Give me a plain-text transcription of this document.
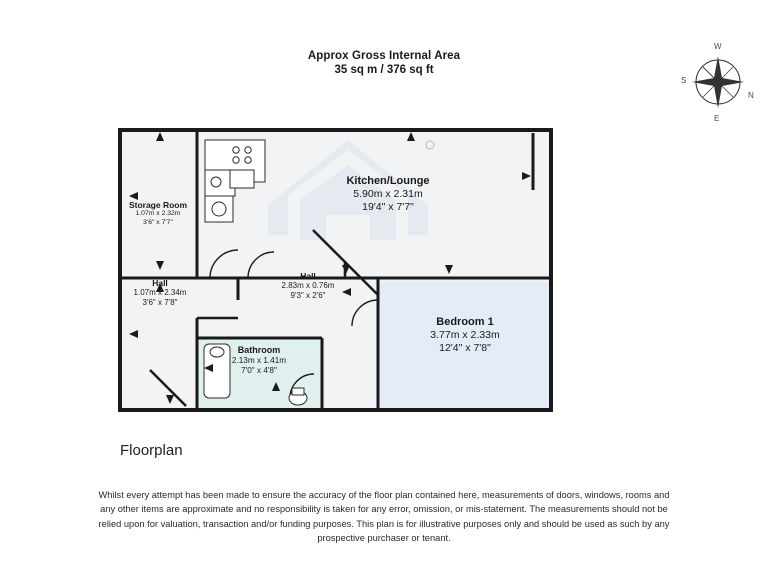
Approx Gross Internal Area
35 sq m / 376 sq ft
N
S
E
W
Kitchen/Lounge
5.90m x 2.31m
19'4" x 7'7"
Bedroom 1
3.77m x 2.33m
12'4" x 7'8"
Bathroom
2.13m x 1.41m
7'0" x 4'8"
Hall
2.83m x 0.76m
9'3" x 2'6"
Hall
1.07m x 2.34m
3'6" x 7'8"
Storage Room
1.07m x 2.32m
3'6" x 7'7"
Floorplan

Whilst every attempt has been made to ensure the accuracy of the floor plan contained here, measurements of doors, windows, rooms and

any other items are approximate and no responsibility is taken for any error, omission, or mis-statement. The measurements should not be

relied upon for valuation, transaction and/or funding purposes. This plan is for illustrative purposes only and should be used as such by any

prospective purchaser or tenant.
